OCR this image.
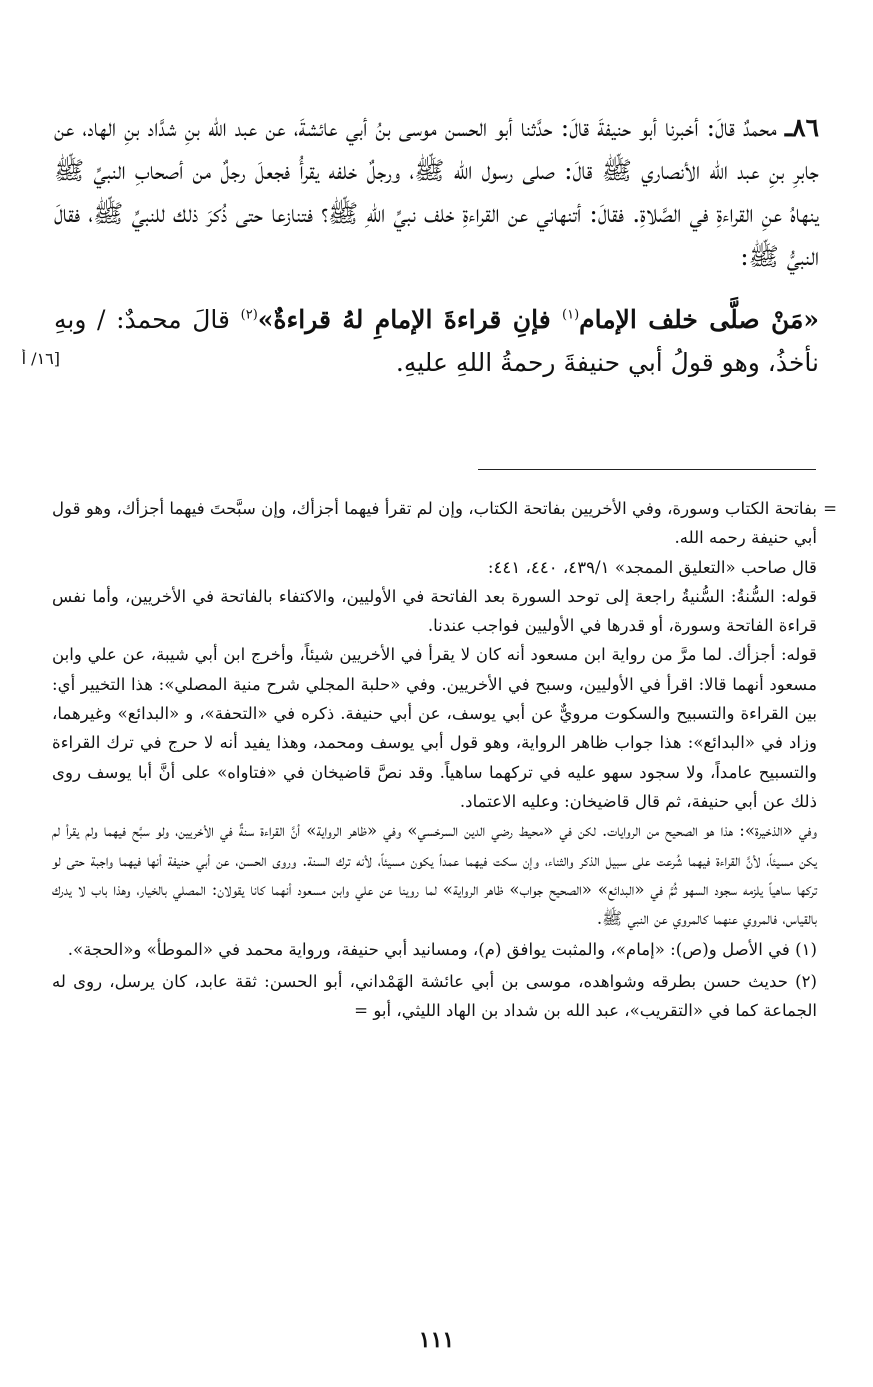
٨٦ـ محمدٌ قالَ: أخبرنا أبو حنيفةَ قالَ: حدَّثنا أبو الحسن موسى بنُ أبي عائشةَ، عن عبد الله بنِ شدَّاد بنِ الهاد، عن جابرِ بنِ عبد الله الأنصاري ﷺ قالَ: صلى رسول الله ﷺ، ورجلٌ خلفه يقرأُ فجعلَ رجلٌ من أصحابِ النبيِّ ﷺ ينهاهُ عنِ القراءةِ في الصَّلاةِ. فقالَ: أتنهاني عن القراءةِ خلف نبيِّ اللهِ ﷺ؟ فتنازعا حتى ذُكرَ ذلك للنبيِّ ﷺ، فقالَ النبيُّ ﷺ:

«مَنْ صلَّى خلف الإمام$^{(١)}$ فإنِ قراءةَ الإمامِ لهُ قراءةٌ»$^{(٢)}$ قالَ محمدٌ: / وبهِ نأخذُ، وهو قولُ أبي حنيفةَ رحمةُ اللهِ عليهِ.

[١٦/ أ
=

بفاتحة الكتاب وسورة، وفي الأخريين بفاتحة الكتاب، وإن لم تقرأ فيهما أجزأك، وإن سبَّحتَ فيهما أجزأك، وهو قول أبي حنيفة رحمه الله.

قال صاحب «التعليق الممجد» ٤٣٩/١، ٤٤٠، ٤٤١:

قوله: السُّنةُ: السُّنيةُ راجعة إلى توحد السورة بعد الفاتحة في الأوليين، والاكتفاء بالفاتحة في الأخريين، وأما نفس قراءة الفاتحة وسورة، أو قدرها في الأوليين فواجب عندنا.

قوله: أجزأك. لما مرَّ من رواية ابن مسعود أنه كان لا يقرأ في الأخريين شيئاً، وأخرج ابن أبي شيبة، عن علي وابن مسعود أنهما قالا: اقرأ في الأوليين، وسبح في الأخريين. وفي «حلبة المجلي شرح منية المصلي»: هذا التخيير أي: بين القراءة والتسبيح والسكوت مرويٌّ عن أبي يوسف، عن أبي حنيفة. ذكره في «التحفة»، و «البدائع» وغيرهما، وزاد في «البدائع»: هذا جواب ظاهر الرواية، وهو قول أبي يوسف ومحمد، وهذا يفيد أنه لا حرج في ترك القراءة والتسبيح عامداً، ولا سجود سهو عليه في تركهما ساهياً. وقد نصَّ قاضيخان في «فتاواه» على أنَّ أبا يوسف روى ذلك عن أبي حنيفة، ثم قال قاضيخان: وعليه الاعتماد.

وفي «الذخيرة»: هذا هو الصحيح من الروايات. لكن في «محيط رضي الدين السرخسي» وفي «ظاهر الرواية» أنَّ القراءة سنةٌ في الأخريين، ولو سبَّح فيهما ولم يقرأ لم يكن مسيئاً، لأنَّ القراءة فيهما شُرعت على سبيل الذكر والثناء، وإن سكت فيهما عمداً يكون مسيئاً، لأنه ترك السنة. وروى الحسن، عن أبي حنيفة أنها فيهما واجبة حتى لو تركها ساهياً يلزمه سجود السهو ثُمَّ في «البدائع» «الصحيح جواب» ظاهر الرواية» لما روينا عن علي وابن مسعود أنهما كانا يقولان: المصلي بالخيار، وهذا باب لا يدرك بالقياس، فالمروي عنهما كالمروي عن النبي ﷺ.

(١) في الأصل و(ص): «إمام»، والمثبت يوافق (م)، ومسانيد أبي حنيفة، ورواية محمد في «الموطأ» و«الحجة».

(٢) حديث حسن بطرقه وشواهده، موسى بن أبي عائشة الهَمْداني، أبو الحسن: ثقة عابد، كان يرسل، روى له الجماعة كما في «التقريب»، عبد الله بن شداد بن الهاد الليثي، أبو =

١١١
